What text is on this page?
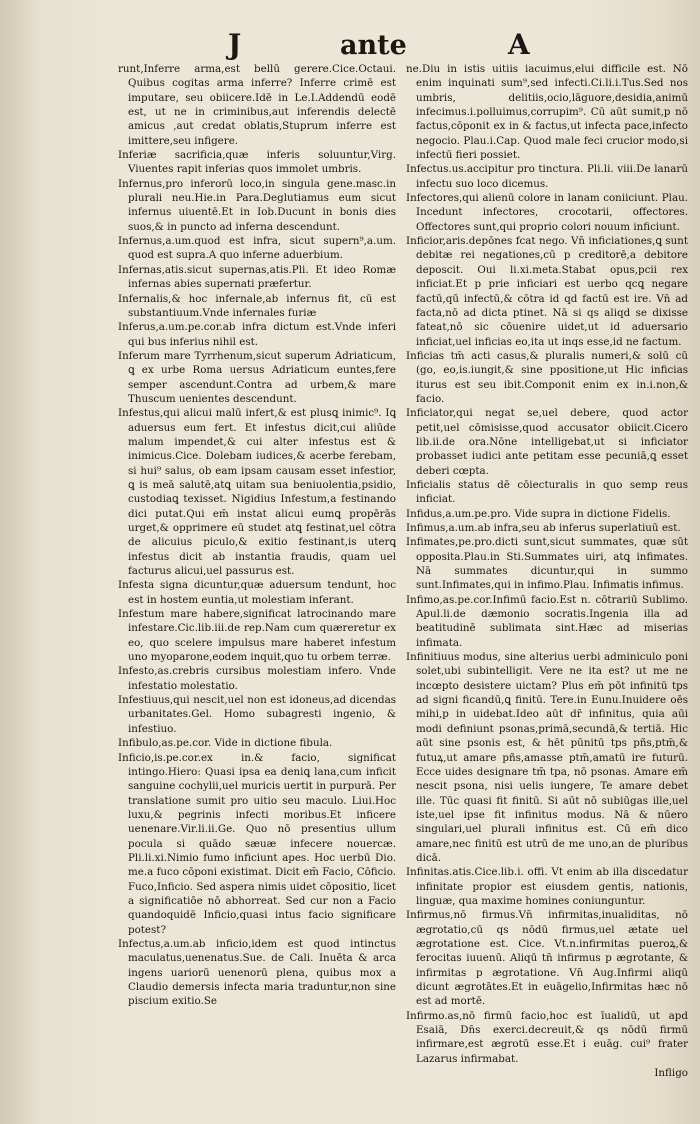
J	ante	A

runt,Inferre arma,est bellū gerere.Cice.Octaui. Quibus cogitas arma inferre? Inferre crimē est imputare, seu obiicere.Idē in Le.I.Addendū eodē est, ut ne in criminibus,aut inferendis delectē amicus ,aut credat oblatis,Stuprum inferre est imittere,seu infigere.

Inferiæ sacrificia,quæ inferis soluuntur,Virg. Viuentes rapit inferias quos immolet umbris.

Infernus,pro inferorū loco,in singula gene.masc.in plurali neu.Hie.in Para.Deglutiamus eum sicut infernus uiuentē.Et in Iob.Ducunt in bonis dies suos,& in puncto ad inferna descendunt.

Infernus,a.um.quod est infra, sicut supern⁹,a.um. quod est supra.A quo inferne aduerbium.

Infernas,atis.sicut supernas,atis.Pli. Et ideo Romæ infernas abies supernati præfertur.

Infernalis,& hoc infernale,ab infernus fit, cū est substantiuum.Vnde infernales furiæ

Inferus,a.um.pe.cor.ab infra dictum est.Vnde inferi qui bus inferius nihil est.

Inferum mare Tyrrhenum,sicut superum Adriaticum, ꝗ ex urbe Roma uersus Adriaticum euntes,fere semper ascendunt.Contra ad urbem,& mare Thuscum uenientes descendunt.

Infestus,qui alicui malū infert,& est plusꝗ inimic⁹. Iꝗ aduersus eum fert. Et infestus dicit,cui aliūde malum impendet,& cui alter infestus est & inimicus.Cice. Dolebam iudices,& acerbe ferebam, si hui⁹ salus, ob eam ipsam causam esset infestior, ꝗ is meā salutē,atꝗ uitam sua beniuolentia,psidio, custodiaꝗ texisset. Nigidius Infestum,a festinando dici putat.Qui em̄ instat alicui eumꝗ propērās urget,& opprimere eū studet atꝗ festinat,uel cōtra de alicuius piculo,& exitio festinant,is uterꝗ infestus dicit ab instantia fraudis, quam uel facturus alicui,uel passurus est.

Infesta signa dicuntur,quæ aduersum tendunt, hoc est in hostem euntia,ut molestiam inferant.

Infestum mare habere,significat latrocinando mare infestare.Cic.lib.iii.de rep.Nam cum quæreretur ex eo, quo scelere impulsus mare haberet infestum uno myoparone,eodem inquit,quo tu orbem terræ.

Infesto,as.crebris cursibus molestiam infero. Vnde infestatio molestatio.

Infestiuus,qui nescit,uel non est idoneus,ad dicendas urbanitates.Gel. Homo subagresti ingenio, & infestiuo.

Infibulo,as.pe.cor. Vide in dictione fibula.

Inficio,is.pe.cor.ex in.& facio, significat intingo.Hiero: Quasi ipsa ea deniꝗ lana,cum inficit sanguine cochylii,uel muricis uertit in purpurā. Per translatione sumit pro uitio seu maculo. Liui.Hoc luxu,& pegrinis infecti moribus.Et inficere uenenare.Vir.li.ii.Ge. Quo nō presentius ullum pocula si quādo sæuæ infecere nouercæ. Pli.li.xi.Nimio fumo inficiunt apes. Hoc uerbū Dio. me.a fuco cōponi existimat. Dicit em̄ Facio, Cōficio. Fuco,Inficio. Sed aspera nimis uidet cōpositio, licet a significatiōe nō abhorreat. Sed cur non a Facio quandoquidē Inficio,quasi intus facio significare potest?

Infectus,a.um.ab inficio,idem est quod intinctus maculatus,uenenatus.Sue. de Cali. Inuēta & arca ingens uariorū uenenorū plena, quibus mox a Claudio demersis infecta maria traduntur,non sine piscium exitio.Se

ne.Diu in istis uitiis iacuimus,elui difficile est. Nō enim inquinati sum⁹,sed infecti.Ci.li.i.Tus.Sed nos umbris, delitiis,ocio,lāguore,desidia,animū infecimus.i.polluimus,corrupim⁹. Cū aūt sumit,p nō factus,cōponit ex in & factus,ut infecta pace,infecto negocio. Plau.i.Cap. Quod male feci crucior modo,si infectū fieri possiet.

Infectus.us.accipitur pro tinctura. Pli.li. viii.De lanarū infectu suo loco dicemus.

Infectores,qui alienū colore in lanam coniiciunt. Plau. Incedunt infectores, crocotarii, offectores. Offectores sunt,qui proprio colori nouum inficiunt.

Inficior,aris.depōnes fcat nego. Vn̄ inficiationes,ꝗ sunt debitæ rei negationes,cū p creditorē,a debitore deposcit. Oui li.xi.meta.Stabat opus,pcii rex inficiat.Et p prie inficiari est uerbo qcꝗ negare factū,qū infectū,& cōtra id qd factū est ire. Vn̄ ad facta,nō ad dicta ptinet. Nā si qs aliqd se dixisse fateat,nō sic cōuenire uidet,ut id aduersario inficiat,uel inficias eo,ita ut inqs esse,id ne factum.

Inficias tm̄ acti casus,& pluralis numeri,& solū cū (go, eo,is.iungit,& sine ppositione,ut Hic inficias iturus est seu ibit.Componit enim ex in.i.non,& facio.

Inficiator,qui negat se,uel debere, quod actor petit,uel cōmisisse,quod accusator obiicit.Cicero lib.ii.de ora.Nōne intelligebat,ut si inficiator probasset iudici ante petitam esse pecuniā,ꝗ esset deberi cœpta.

Inficialis status dē cōiecturalis in quo semp reus inficiat.

Infidus,a.um.pe.pro. Vide supra in dictione Fidelis.

Infimus,a.um.ab infra,seu ab inferus superlatiuū est.

Infimates,pe.pro.dicti sunt,sicut summates, quæ sūt opposita.Plau.in Sti.Summates uiri, atꝗ infimates. Nā summates dicuntur,qui in summo sunt.Infimates,qui in infimo.Plau. Infimatis infimus.

Infimo,as.pe.cor.Infimū facio.Est n. cōtrariū Sublimo. Apul.li.de dæmonio socratis.Ingenia illa ad beatitudinē sublimata sint.Hæc ad miserias infimata.

Infinitiuus modus, sine alterius uerbi adminiculo poni solet,ubi subintelligit. Vere ne ita est? ut me ne incœpto desistere uictam? Plus em̄ pōt infinitū tps ad signi ficandū,ꝗ finitū. Tere.in Eunu.Inuidere oēs mihi,p in uidebat.Ideo aūt dr̄ infinitus, quia aūi modi definiunt psonas,primā,secundā,& tertiā. Hic aūt sine psonis est, & hēt pūnitū tps pñs,ptm̄,& futuꝝ,ut amare pñs,amasse ptm̄,amatū ire futurū. Ecce uides designare tm̄ tpa, nō psonas. Amare em̄ nescit psona, nisi uelis iungere, Te amare debet ille. Tūc quasi fit finitū. Si aūt nō subiūgas ille,uel iste,uel ipse fit infinitus modus. Nā & nūero singulari,uel plurali infinitus est. Cū em̄ dico amare,nec finitū est utrū de me uno,an de pluribus dicā.

Infinitas.atis.Cice.lib.i. offi. Vt enim ab illa discedatur infinitate propior est eiusdem gentis, nationis, linguæ, qua maxime homines coniunguntur.

Infirmus,nō firmus.Vn̄ infirmitas,inualiditas, nō ægrotatio,cū qs nōdū firmus,uel ætate uel ægrotatione est. Cice. Vt.n.infirmitas pueroꝝ,& ferocitas iuuenū. Aliqū tn̄ infirmus p ægrotante, & infirmitas p ægrotatione. Vn̄ Aug.Infirmi aliqū dicunt ægrotātes.Et in euāgelio,Infirmitas hæc nō est ad mortē.

Infirmo.as,nō firmū facio,hoc est īualidū, ut apd Esaiā, Dn̄s exerci.decreuit,& qs nōdū firmū infirmare,est ægrotū esse.Et i euāg. cui⁹ frater Lazarus infirmabat.

Infligo
